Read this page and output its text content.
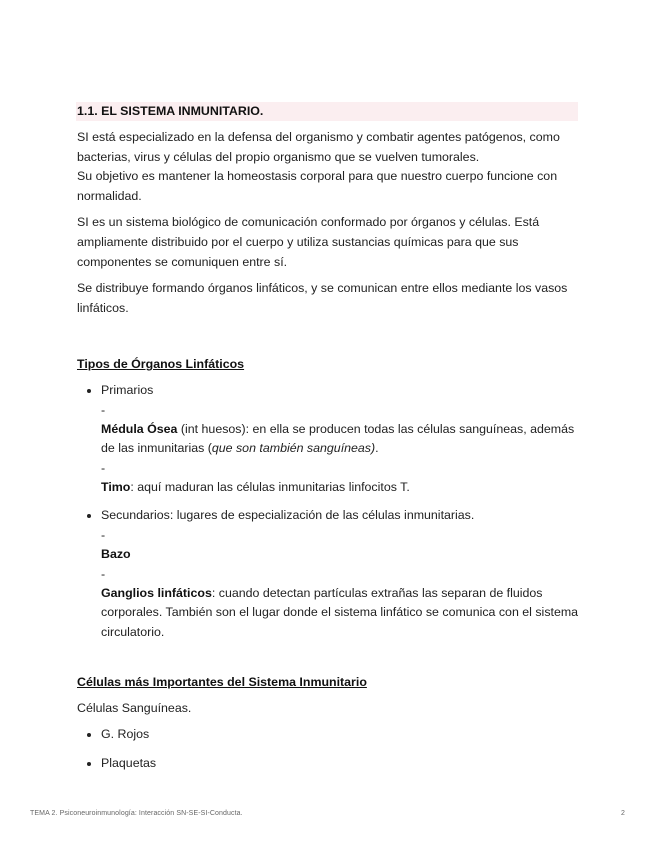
1.1. EL SISTEMA INMUNITARIO.

SI está especializado en la defensa del organismo y combatir agentes patógenos, como bacterias, virus y células del propio organismo que se vuelven tumorales.
Su objetivo es mantener la homeostasis corporal para que nuestro cuerpo funcione con normalidad.

SI es un sistema biológico de comunicación conformado por órganos y células. Está ampliamente distribuido por el cuerpo y utiliza sustancias químicas para que sus componentes se comuniquen entre sí.

Se distribuye formando órganos linfáticos, y se comunican entre ellos mediante los vasos linfáticos.

Tipos de Órganos Linfáticos
• Primarios
-
Médula Ósea (int huesos): en ella se producen todas las células sanguíneas, además de las inmunitarias (que son también sanguíneas).
-
Timo: aquí maduran las células inmunitarias linfocitos T.
• Secundarios: lugares de especialización de las células inmunitarias.
-
Bazo
-
Ganglios linfáticos: cuando detectan partículas extrañas las separan de fluidos corporales. También son el lugar donde el sistema linfático se comunica con el sistema circulatorio.
Células más Importantes del Sistema Inmunitario

Células Sanguíneas.

• G. Rojos
• Plaquetas
TEMA 2. Psiconeuroinmunología: Interacción SN-SE-SI-Conducta.	2
